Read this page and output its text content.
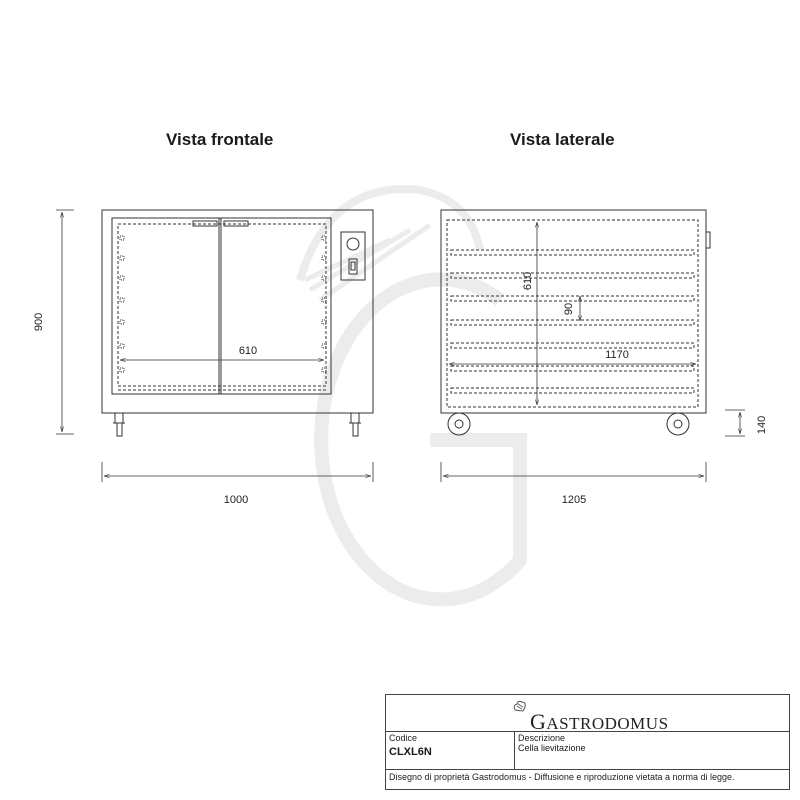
Vista frontale	Vista laterale
900
1000
610
1205
1170
610
90
140
GASTRODOMUS
Codice
CLXL6N
Descrizione
Cella lievitazione
Disegno di proprietà Gastrodomus - Diffusione e riproduzione vietata a norma di legge.
